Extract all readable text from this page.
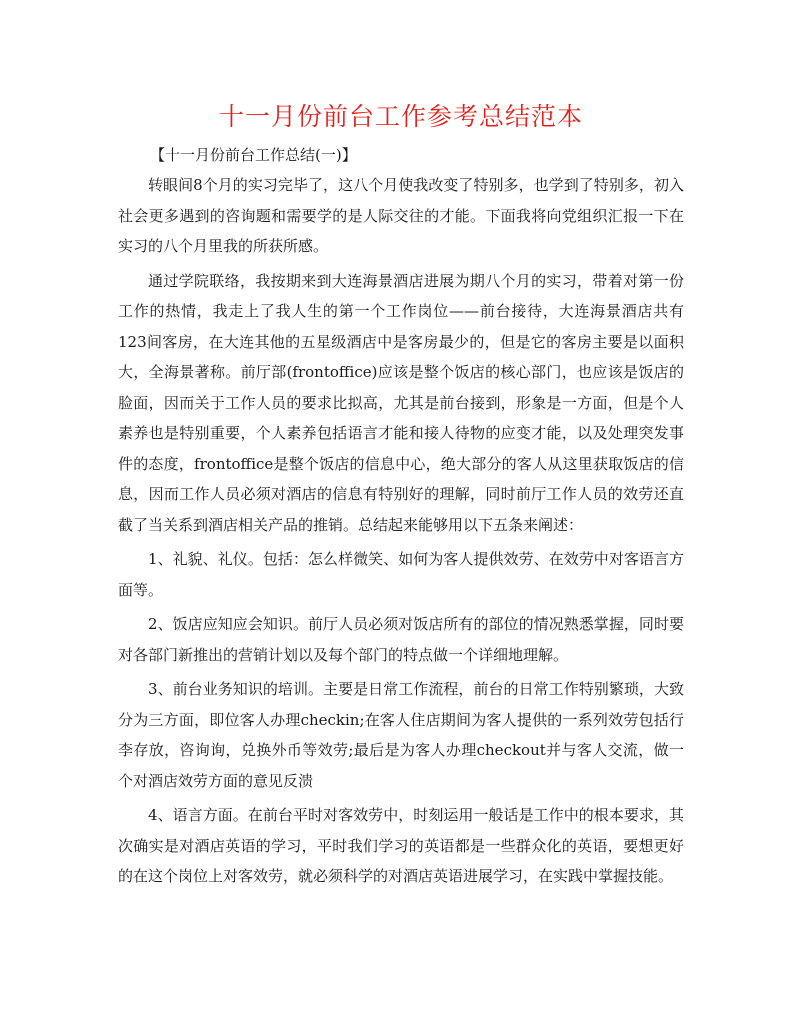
十一月份前台工作参考总结范本
【十一月份前台工作总结(一)】

转眼间8个月的实习完毕了，这八个月使我改变了特别多，也学到了特别多，初入社会更多遇到的咨询题和需要学的是人际交往的才能。下面我将向党组织汇报一下在实习的八个月里我的所获所感。

通过学院联络，我按期来到大连海景酒店进展为期八个月的实习，带着对第一份工作的热情，我走上了我人生的第一个工作岗位——前台接待，大连海景酒店共有123间客房，在大连其他的五星级酒店中是客房最少的，但是它的客房主要是以面积大，全海景著称。前厅部(frontoffice)应该是整个饭店的核心部门，也应该是饭店的脸面，因而关于工作人员的要求比拟高，尤其是前台接到，形象是一方面，但是个人素养也是特别重要，个人素养包括语言才能和接人待物的应变才能，以及处理突发事件的态度，frontoffice是整个饭店的信息中心，绝大部分的客人从这里获取饭店的信息，因而工作人员必须对酒店的信息有特别好的理解，同时前厅工作人员的效劳还直截了当关系到酒店相关产品的推销。总结起来能够用以下五条来阐述：

1、礼貌、礼仪。包括：怎么样微笑、如何为客人提供效劳、在效劳中对客语言方面等。

2、饭店应知应会知识。前厅人员必须对饭店所有的部位的情况熟悉掌握，同时要对各部门新推出的营销计划以及每个部门的特点做一个详细地理解。

3、前台业务知识的培训。主要是日常工作流程，前台的日常工作特别繁琐，大致分为三方面，即位客人办理checkin;在客人住店期间为客人提供的一系列效劳包括行李存放，咨询询，兑换外币等效劳;最后是为客人办理checkout并与客人交流，做一个对酒店效劳方面的意见反溃

4、语言方面。在前台平时对客效劳中，时刻运用一般话是工作中的根本要求，其次确实是对酒店英语的学习，平时我们学习的英语都是一些群众化的英语，要想更好的在这个岗位上对客效劳，就必须科学的对酒店英语进展学习，在实践中掌握技能。
